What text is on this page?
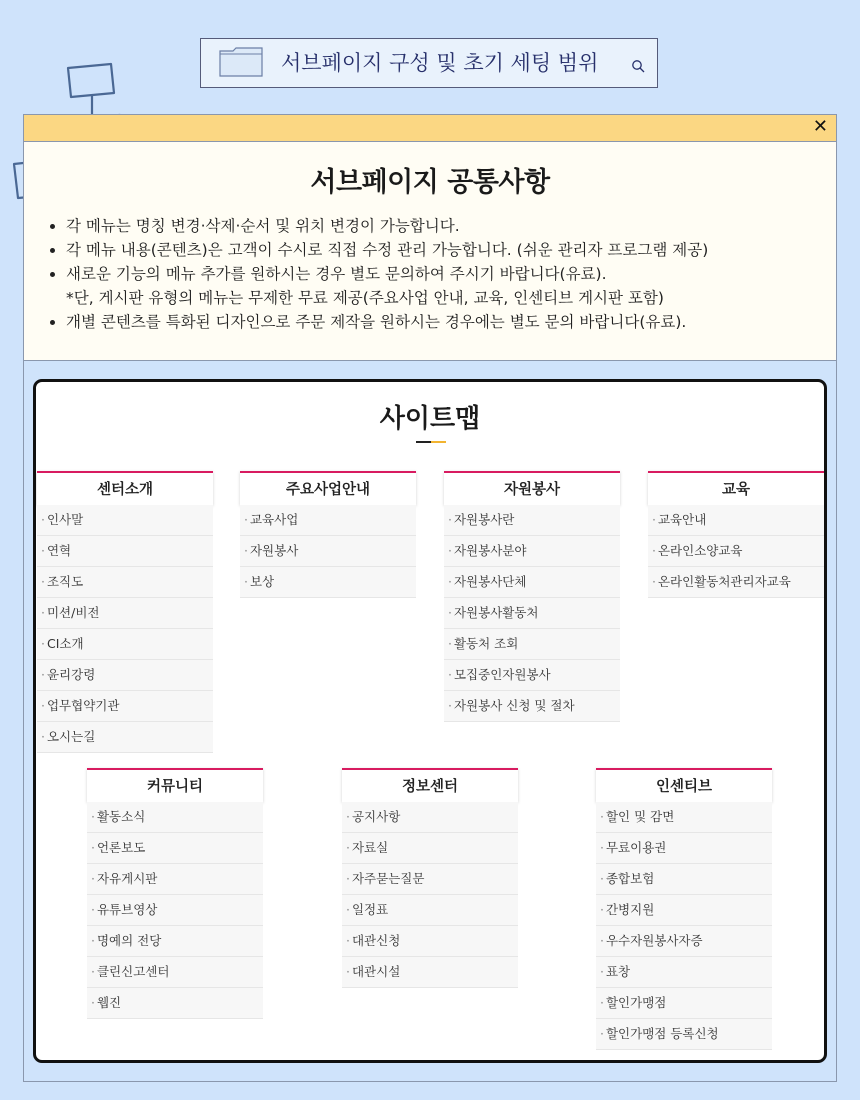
서브페이지 구성 및 초기 세팅 범위
✕
서브페이지 공통사항
• 각 메뉴는 명칭 변경·삭제·순서 및 위치 변경이 가능합니다.
• 각 메뉴 내용(콘텐츠)은 고객이 수시로 직접 수정 관리 가능합니다. (쉬운 관리자 프로그램 제공)
• 새로운 기능의 메뉴 추가를 원하시는 경우 별도 문의하여 주시기 바랍니다(유료).
*단, 게시판 유형의 메뉴는 무제한 무료 제공(주요사업 안내, 교육, 인센티브 게시판 포함)
• 개별 콘텐츠를 특화된 디자인으로 주문 제작을 원하시는 경우에는 별도 문의 바랍니다(유료).
사이트맵
센터소개
· 인사말
· 연혁
· 조직도
· 미션/비전
· CI소개
· 윤리강령
· 업무협약기관
· 오시는길
주요사업안내
· 교육사업
· 자원봉사
· 보상
자원봉사
· 자원봉사란
· 자원봉사분야
· 자원봉사단체
· 자원봉사활동처
· 활동처 조회
· 모집중인자원봉사
· 자원봉사 신청 및 절차
교육
· 교육안내
· 온라인소양교육
· 온라인활동처관리자교육
커뮤니티
· 활동소식
· 언론보도
· 자유게시판
· 유튜브영상
· 명예의 전당
· 클린신고센터
· 웹진
정보센터
· 공지사항
· 자료실
· 자주묻는질문
· 일정표
· 대관신청
· 대관시설
인센티브
· 할인 및 감면
· 무료이용권
· 종합보험
· 간병지원
· 우수자원봉사자증
· 표창
· 할인가맹점
· 할인가맹점 등록신청
